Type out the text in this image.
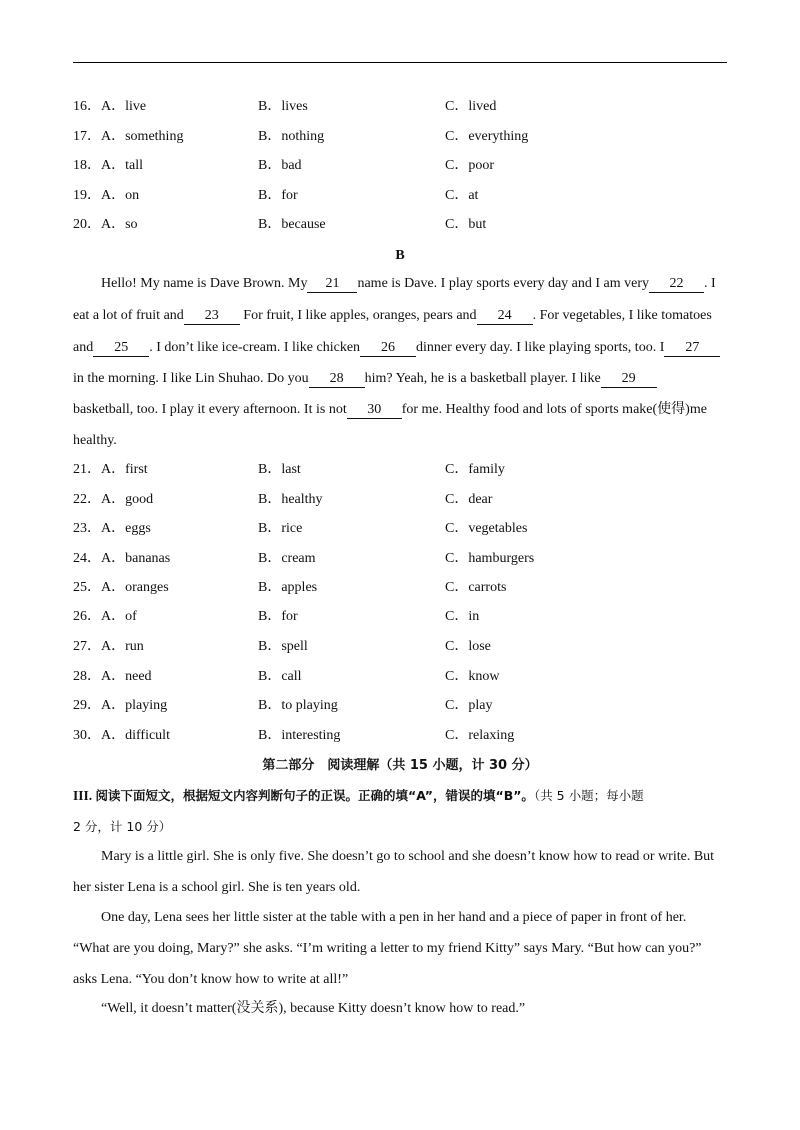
16． A．live	B．lives	C．lived
17． A．something	B．nothing	C．everything
18． A．tall	B．bad	C．poor
19． A．on	B．for	C．at
20． A．so	B．because	C．but
B
Hello! My name is Dave Brown. My 21 name is Dave. I play sports every day and I am very 22 . I
eat a lot of fruit and 23 For fruit, I like apples, oranges, pears and 24 . For vegetables, I like tomatoes
and 25 . I don’t like ice-cream. I like chicken 26 dinner every day. I like playing sports, too. I 27
in the morning. I like Lin Shuhao. Do you 28 him? Yeah, he is a basketball player. I like 29
basketball, too. I play it every afternoon. It is not 30 for me. Healthy food and lots of sports make(使得)me
healthy.
21． A．first	B．last	C．family
22． A．good	B．healthy	C．dear
23． A．eggs	B．rice	C．vegetables
24． A．bananas	B．cream	C．hamburgers
25． A．oranges	B．apples	C．carrots
26． A．of	B．for	C．in
27． A．run	B．spell	C．lose
28． A．need	B．call	C．know
29． A．playing	B．to playing	C．play
30． A．difficult	B．interesting	C．relaxing
第二部分　阅读理解（共 15 小题，计 30 分）
III. 阅读下面短文，根据短文内容判断句子的正误。正确的填“A”，错误的填“B”。（共 5 小题；每小题
2 分，计 10 分）
Mary is a little girl. She is only five. She doesn’t go to school and she doesn’t know how to read or write. But
her sister Lena is a school girl. She is ten years old.
One day, Lena sees her little sister at the table with a pen in her hand and a piece of paper in front of her.
“What are you doing, Mary?” she asks. “I’m writing a letter to my friend Kitty” says Mary. “But how can you?”
asks Lena. “You don’t know how to write at all!”
“Well, it doesn’t matter(没关系), because Kitty doesn’t know how to read.”
